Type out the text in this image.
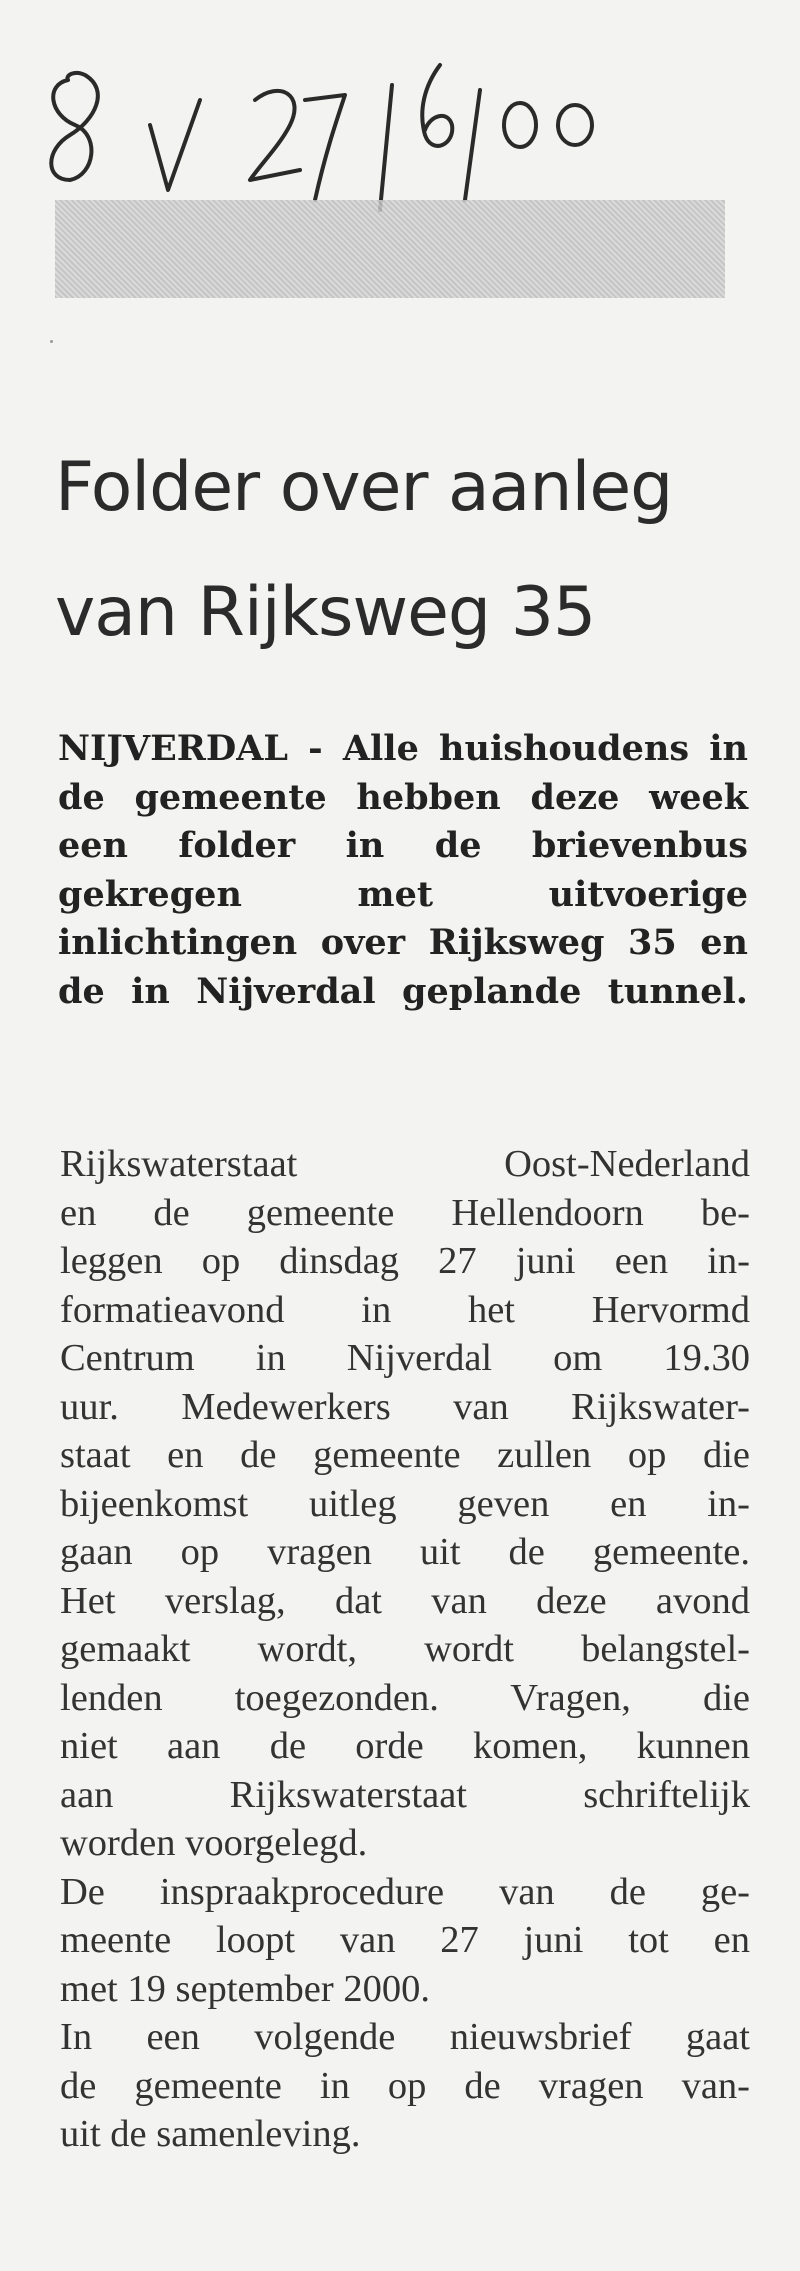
Folder over aanleg
van Rijksweg 35

NIJVERDAL - Alle huishoudens in de gemeente hebben deze week een folder in de brievenbus gekregen met uitvoerige inlichtingen over Rijksweg 35 en de in Nijverdal geplande tunnel.

Rijkswaterstaat Oost-Nederland
en de gemeente Hellendoorn be-
leggen op dinsdag 27 juni een in-
formatieavond in het Hervormd
Centrum in Nijverdal om 19.30
uur. Medewerkers van Rijkswater-
staat en de gemeente zullen op die
bijeenkomst uitleg geven en in-
gaan op vragen uit de gemeente.
Het verslag, dat van deze avond
gemaakt wordt, wordt belangstel-
lenden toegezonden. Vragen, die
niet aan de orde komen, kunnen
aan Rijkswaterstaat schriftelijk
worden voorgelegd.
De inspraakprocedure van de ge-
meente loopt van 27 juni tot en
met 19 september 2000.
In een volgende nieuwsbrief gaat
de gemeente in op de vragen van-
uit de samenleving.
